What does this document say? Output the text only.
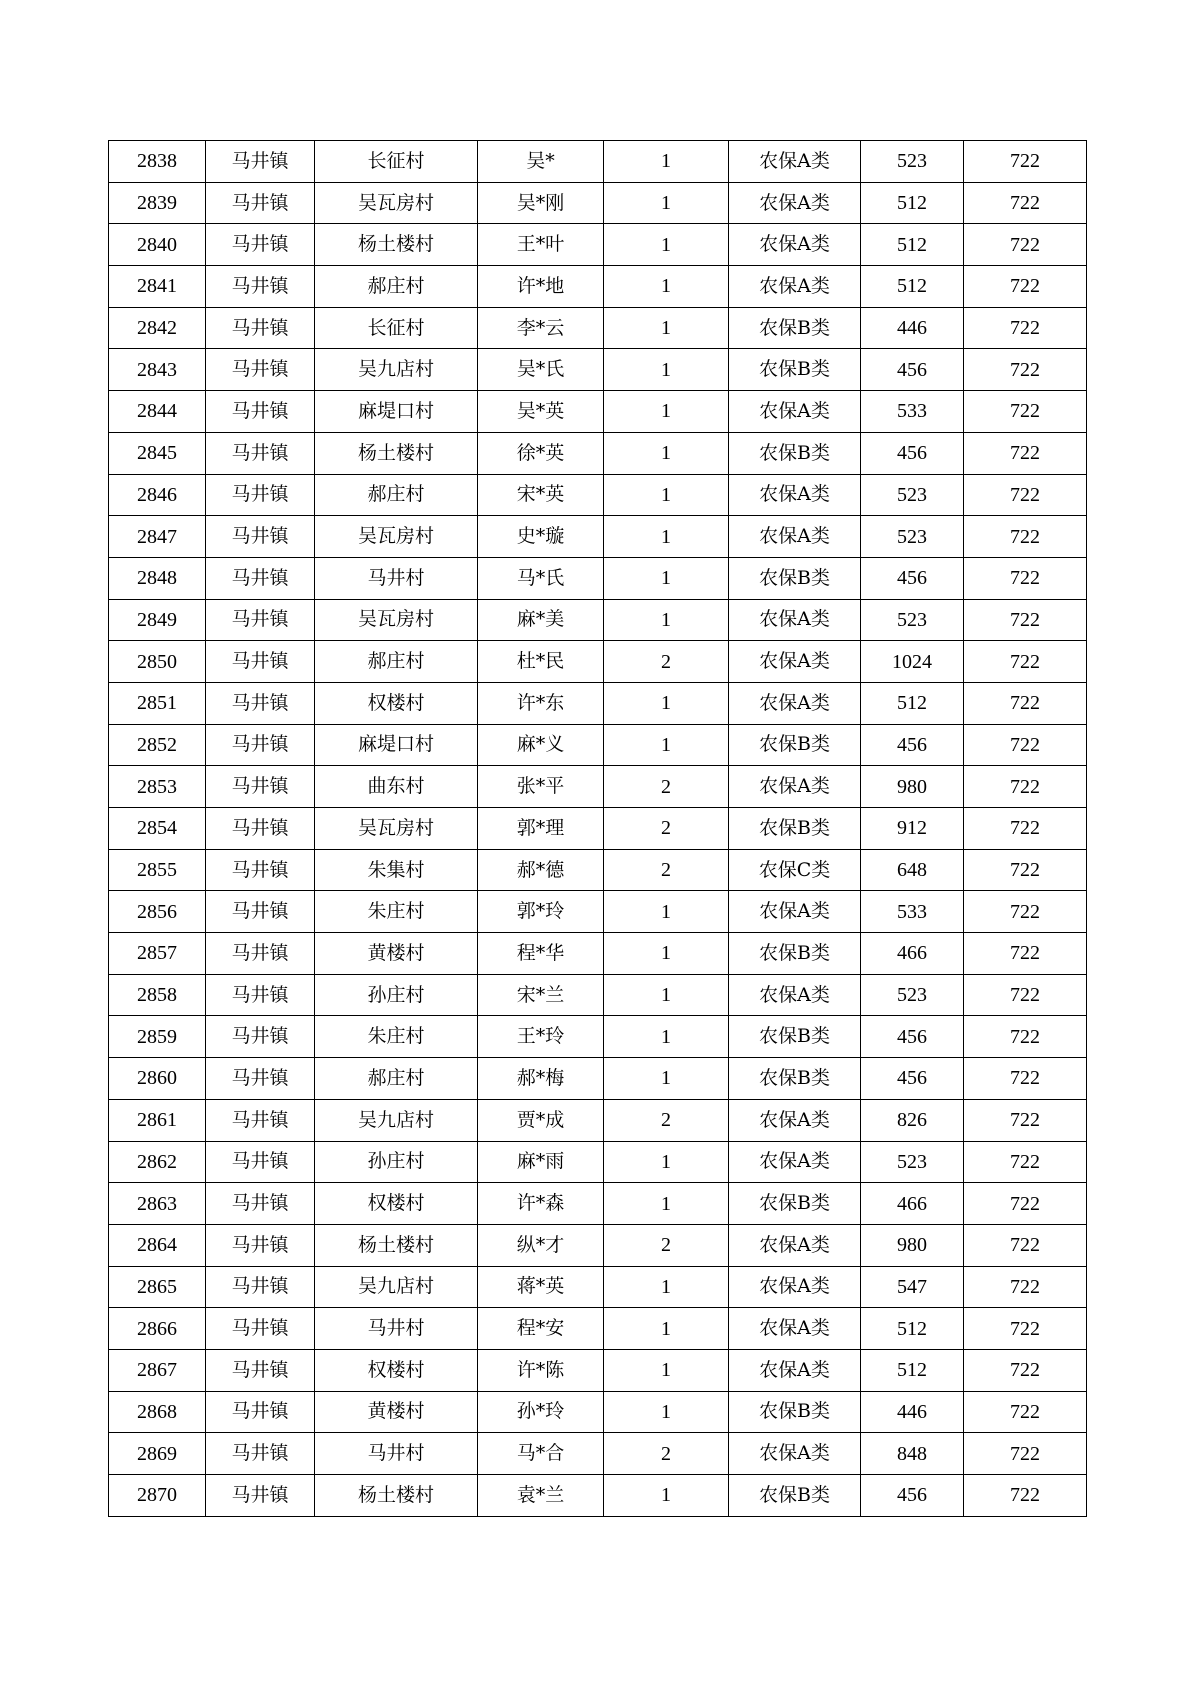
2838	马井镇	长征村	吴*	1	农保A类	523	722
2839	马井镇	吴瓦房村	吴*刚	1	农保A类	512	722
2840	马井镇	杨土楼村	王*叶	1	农保A类	512	722
2841	马井镇	郝庄村	许*地	1	农保A类	512	722
2842	马井镇	长征村	李*云	1	农保B类	446	722
2843	马井镇	吴九店村	吴*氏	1	农保B类	456	722
2844	马井镇	麻堤口村	吴*英	1	农保A类	533	722
2845	马井镇	杨土楼村	徐*英	1	农保B类	456	722
2846	马井镇	郝庄村	宋*英	1	农保A类	523	722
2847	马井镇	吴瓦房村	史*璇	1	农保A类	523	722
2848	马井镇	马井村	马*氏	1	农保B类	456	722
2849	马井镇	吴瓦房村	麻*美	1	农保A类	523	722
2850	马井镇	郝庄村	杜*民	2	农保A类	1024	722
2851	马井镇	权楼村	许*东	1	农保A类	512	722
2852	马井镇	麻堤口村	麻*义	1	农保B类	456	722
2853	马井镇	曲东村	张*平	2	农保A类	980	722
2854	马井镇	吴瓦房村	郭*理	2	农保B类	912	722
2855	马井镇	朱集村	郝*德	2	农保C类	648	722
2856	马井镇	朱庄村	郭*玲	1	农保A类	533	722
2857	马井镇	黄楼村	程*华	1	农保B类	466	722
2858	马井镇	孙庄村	宋*兰	1	农保A类	523	722
2859	马井镇	朱庄村	王*玲	1	农保B类	456	722
2860	马井镇	郝庄村	郝*梅	1	农保B类	456	722
2861	马井镇	吴九店村	贾*成	2	农保A类	826	722
2862	马井镇	孙庄村	麻*雨	1	农保A类	523	722
2863	马井镇	权楼村	许*森	1	农保B类	466	722
2864	马井镇	杨土楼村	纵*才	2	农保A类	980	722
2865	马井镇	吴九店村	蒋*英	1	农保A类	547	722
2866	马井镇	马井村	程*安	1	农保A类	512	722
2867	马井镇	权楼村	许*陈	1	农保A类	512	722
2868	马井镇	黄楼村	孙*玲	1	农保B类	446	722
2869	马井镇	马井村	马*合	2	农保A类	848	722
2870	马井镇	杨土楼村	袁*兰	1	农保B类	456	722
